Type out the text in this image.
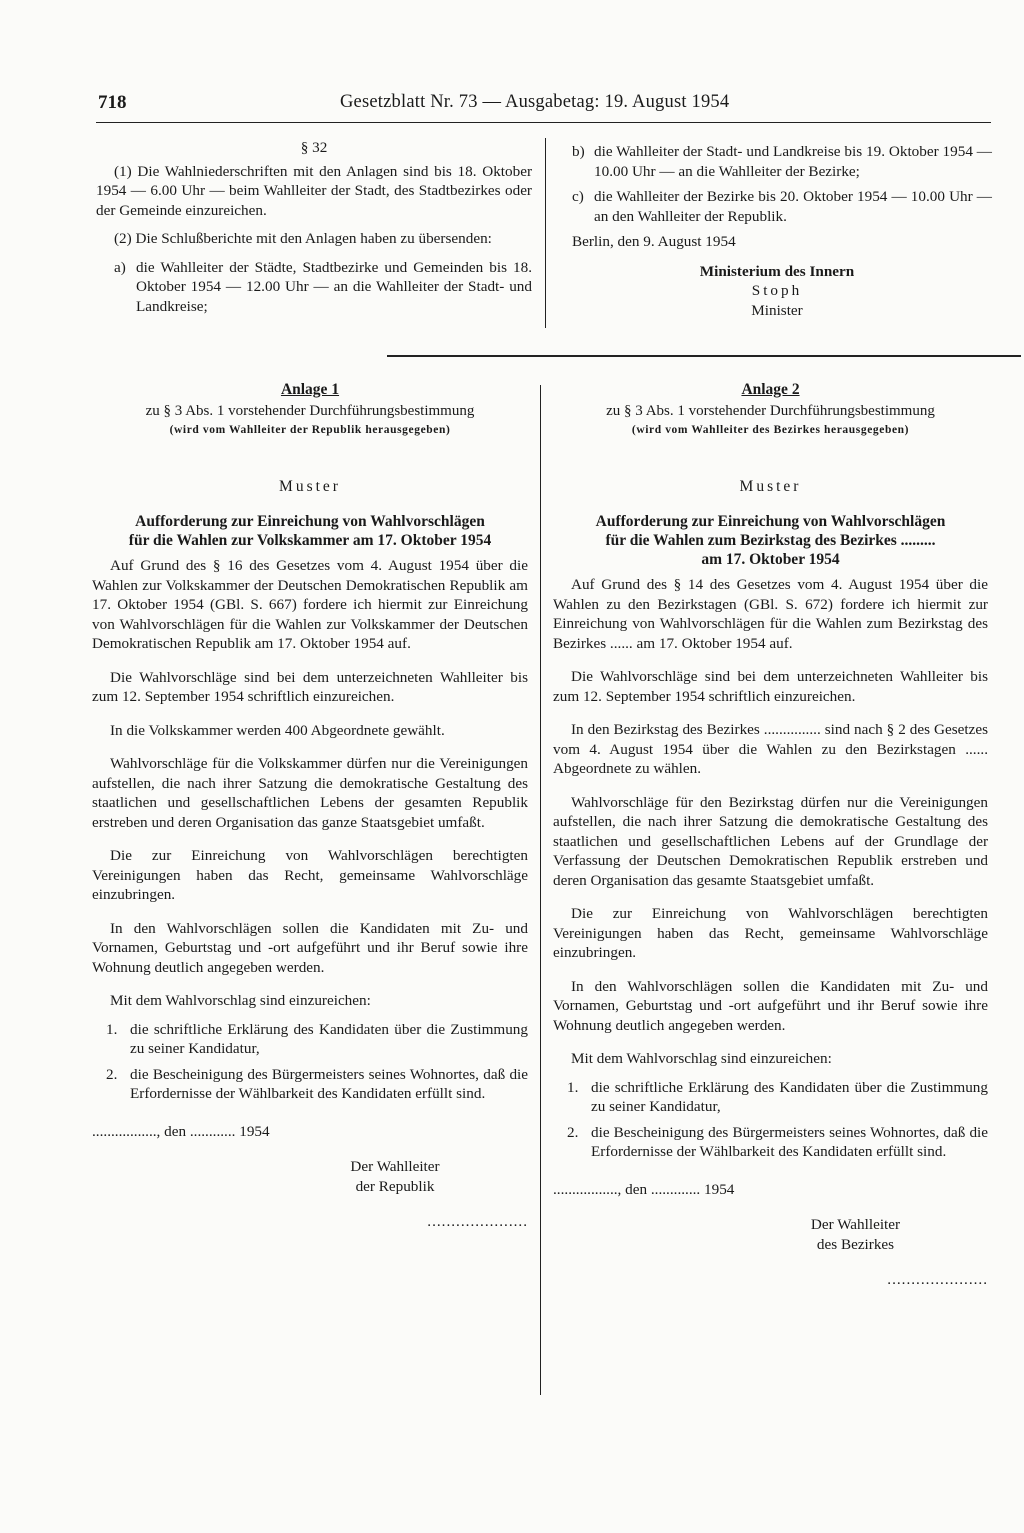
718	Gesetzblatt Nr. 73 — Ausgabetag: 19. August 1954
§ 32

(1) Die Wahlniederschriften mit den Anlagen sind bis 18. Oktober 1954 — 6.00 Uhr — beim Wahlleiter der Stadt, des Stadtbezirkes oder der Gemeinde einzureichen.

(2) Die Schlußberichte mit den Anlagen haben zu übersenden:

a) die Wahlleiter der Städte, Stadtbezirke und Gemeinden bis 18. Oktober 1954 — 12.00 Uhr — an die Wahlleiter der Stadt- und Landkreise;
b) die Wahlleiter der Stadt- und Landkreise bis 19. Oktober 1954 — 10.00 Uhr — an die Wahlleiter der Bezirke;
c) die Wahlleiter der Bezirke bis 20. Oktober 1954 — 10.00 Uhr — an den Wahlleiter der Republik.
Berlin, den 9. August 1954
Ministerium des Innern
Stoph
Minister
Anlage 1
zu § 3 Abs. 1 vorstehender Durchführungsbestimmung
(wird vom Wahlleiter der Republik herausgegeben)
Muster
Aufforderung zur Einreichung von Wahlvorschlägen
für die Wahlen zur Volkskammer am 17. Oktober 1954

Auf Grund des § 16 des Gesetzes vom 4. August 1954 über die Wahlen zur Volkskammer der Deutschen Demokratischen Republik am 17. Oktober 1954 (GBl. S. 667) fordere ich hiermit zur Einreichung von Wahlvorschlägen für die Wahlen zur Volkskammer der Deutschen Demokratischen Republik am 17. Oktober 1954 auf.

Die Wahlvorschläge sind bei dem unterzeichneten Wahlleiter bis zum 12. September 1954 schriftlich einzureichen.

In die Volkskammer werden 400 Abgeordnete gewählt.

Wahlvorschläge für die Volkskammer dürfen nur die Vereinigungen aufstellen, die nach ihrer Satzung die demokratische Gestaltung des staatlichen und gesellschaftlichen Lebens der gesamten Republik erstreben und deren Organisation das ganze Staatsgebiet umfaßt.

Die zur Einreichung von Wahlvorschlägen berechtigten Vereinigungen haben das Recht, gemeinsame Wahlvorschläge einzubringen.

In den Wahlvorschlägen sollen die Kandidaten mit Zu- und Vornamen, Geburtstag und -ort aufgeführt und ihr Beruf sowie ihre Wohnung deutlich angegeben werden.

Mit dem Wahlvorschlag sind einzureichen:

1. die schriftliche Erklärung des Kandidaten über die Zustimmung zu seiner Kandidatur,
2. die Bescheinigung des Bürgermeisters seines Wohnortes, daß die Erfordernisse der Wählbarkeit des Kandidaten erfüllt sind.
................., den ............ 1954
Der Wahlleiter
der Republik
.....................
Anlage 2
zu § 3 Abs. 1 vorstehender Durchführungsbestimmung
(wird vom Wahlleiter des Bezirkes herausgegeben)
Muster
Aufforderung zur Einreichung von Wahlvorschlägen
für die Wahlen zum Bezirkstag des Bezirkes .........
am 17. Oktober 1954

Auf Grund des § 14 des Gesetzes vom 4. August 1954 über die Wahlen zu den Bezirkstagen (GBl. S. 672) fordere ich hiermit zur Einreichung von Wahlvorschlägen für die Wahlen zum Bezirkstag des Bezirkes ...... am 17. Oktober 1954 auf.

Die Wahlvorschläge sind bei dem unterzeichneten Wahlleiter bis zum 12. September 1954 schriftlich einzureichen.

In den Bezirkstag des Bezirkes ............... sind nach § 2 des Gesetzes vom 4. August 1954 über die Wahlen zu den Bezirkstagen ...... Abgeordnete zu wählen.

Wahlvorschläge für den Bezirkstag dürfen nur die Vereinigungen aufstellen, die nach ihrer Satzung die demokratische Gestaltung des staatlichen und gesellschaftlichen Lebens auf der Grundlage der Verfassung der Deutschen Demokratischen Republik erstreben und deren Organisation das gesamte Staatsgebiet umfaßt.

Die zur Einreichung von Wahlvorschlägen berechtigten Vereinigungen haben das Recht, gemeinsame Wahlvorschläge einzubringen.

In den Wahlvorschlägen sollen die Kandidaten mit Zu- und Vornamen, Geburtstag und -ort aufgeführt und ihr Beruf sowie ihre Wohnung deutlich angegeben werden.

Mit dem Wahlvorschlag sind einzureichen:

1. die schriftliche Erklärung des Kandidaten über die Zustimmung zu seiner Kandidatur,
2. die Bescheinigung des Bürgermeisters seines Wohnortes, daß die Erfordernisse der Wählbarkeit des Kandidaten erfüllt sind.
................., den ............. 1954
Der Wahlleiter
des Bezirkes
.....................
